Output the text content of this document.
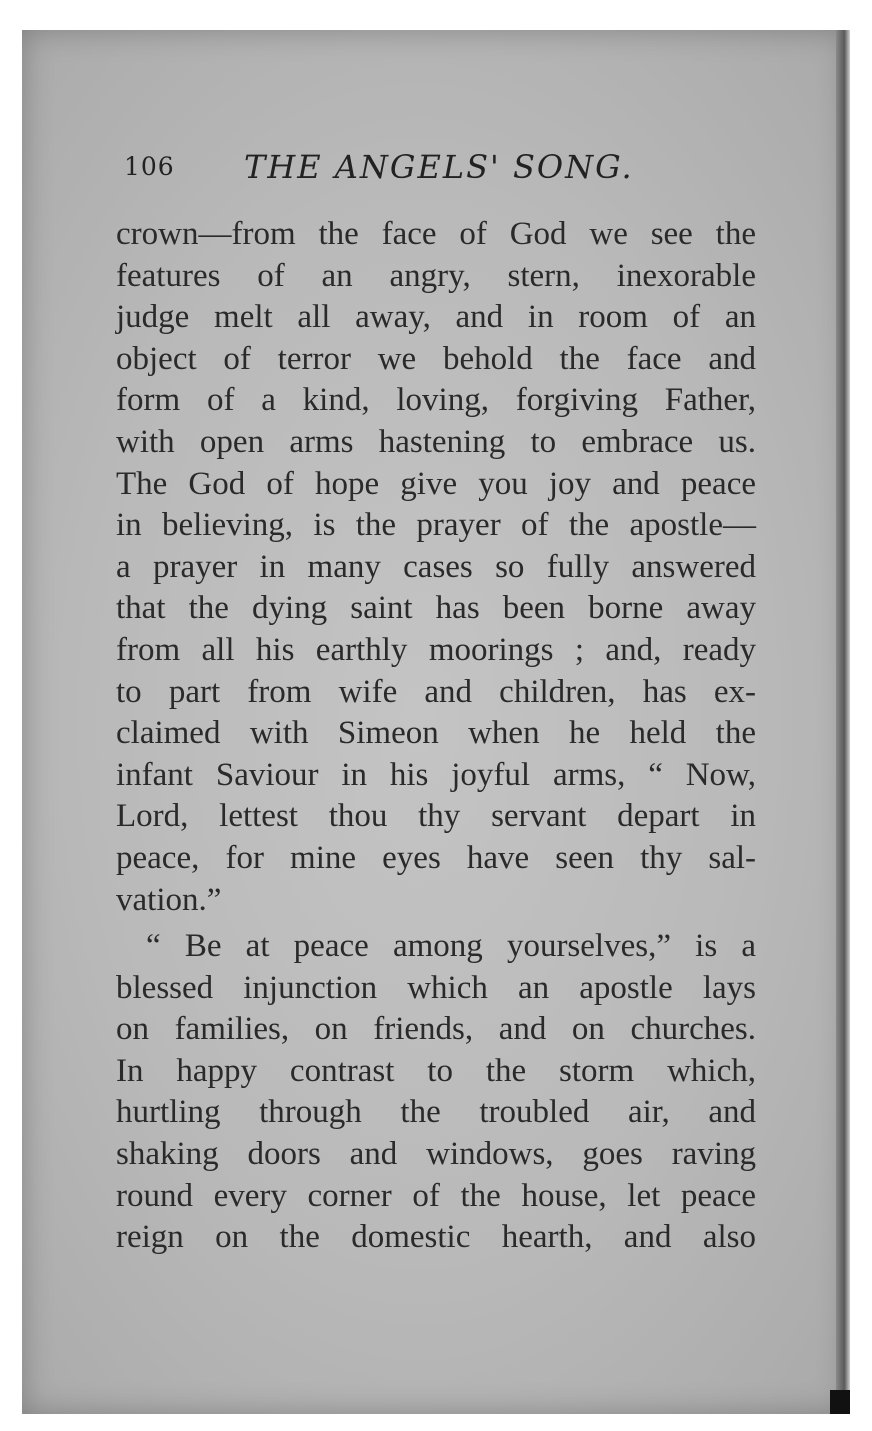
106 THE ANGELS' SONG.
crown—from the face of God we see the
features of an angry, stern, inexorable
judge melt all away, and in room of an
object of terror we behold the face and
form of a kind, loving, forgiving Father,
with open arms hastening to embrace us.
The God of hope give you joy and peace
in believing, is the prayer of the apostle—
a prayer in many cases so fully answered
that the dying saint has been borne away
from all his earthly moorings ; and, ready
to part from wife and children, has ex-
claimed with Simeon when he held the
infant Saviour in his joyful arms, “ Now,
Lord, lettest thou thy servant depart in
peace, for mine eyes have seen thy sal-
vation.”
“ Be at peace among yourselves,” is a
blessed injunction which an apostle lays
on families, on friends, and on churches.
In happy contrast to the storm which,
hurtling through the troubled air, and
shaking doors and windows, goes raving
round every corner of the house, let peace
reign on the domestic hearth, and also
